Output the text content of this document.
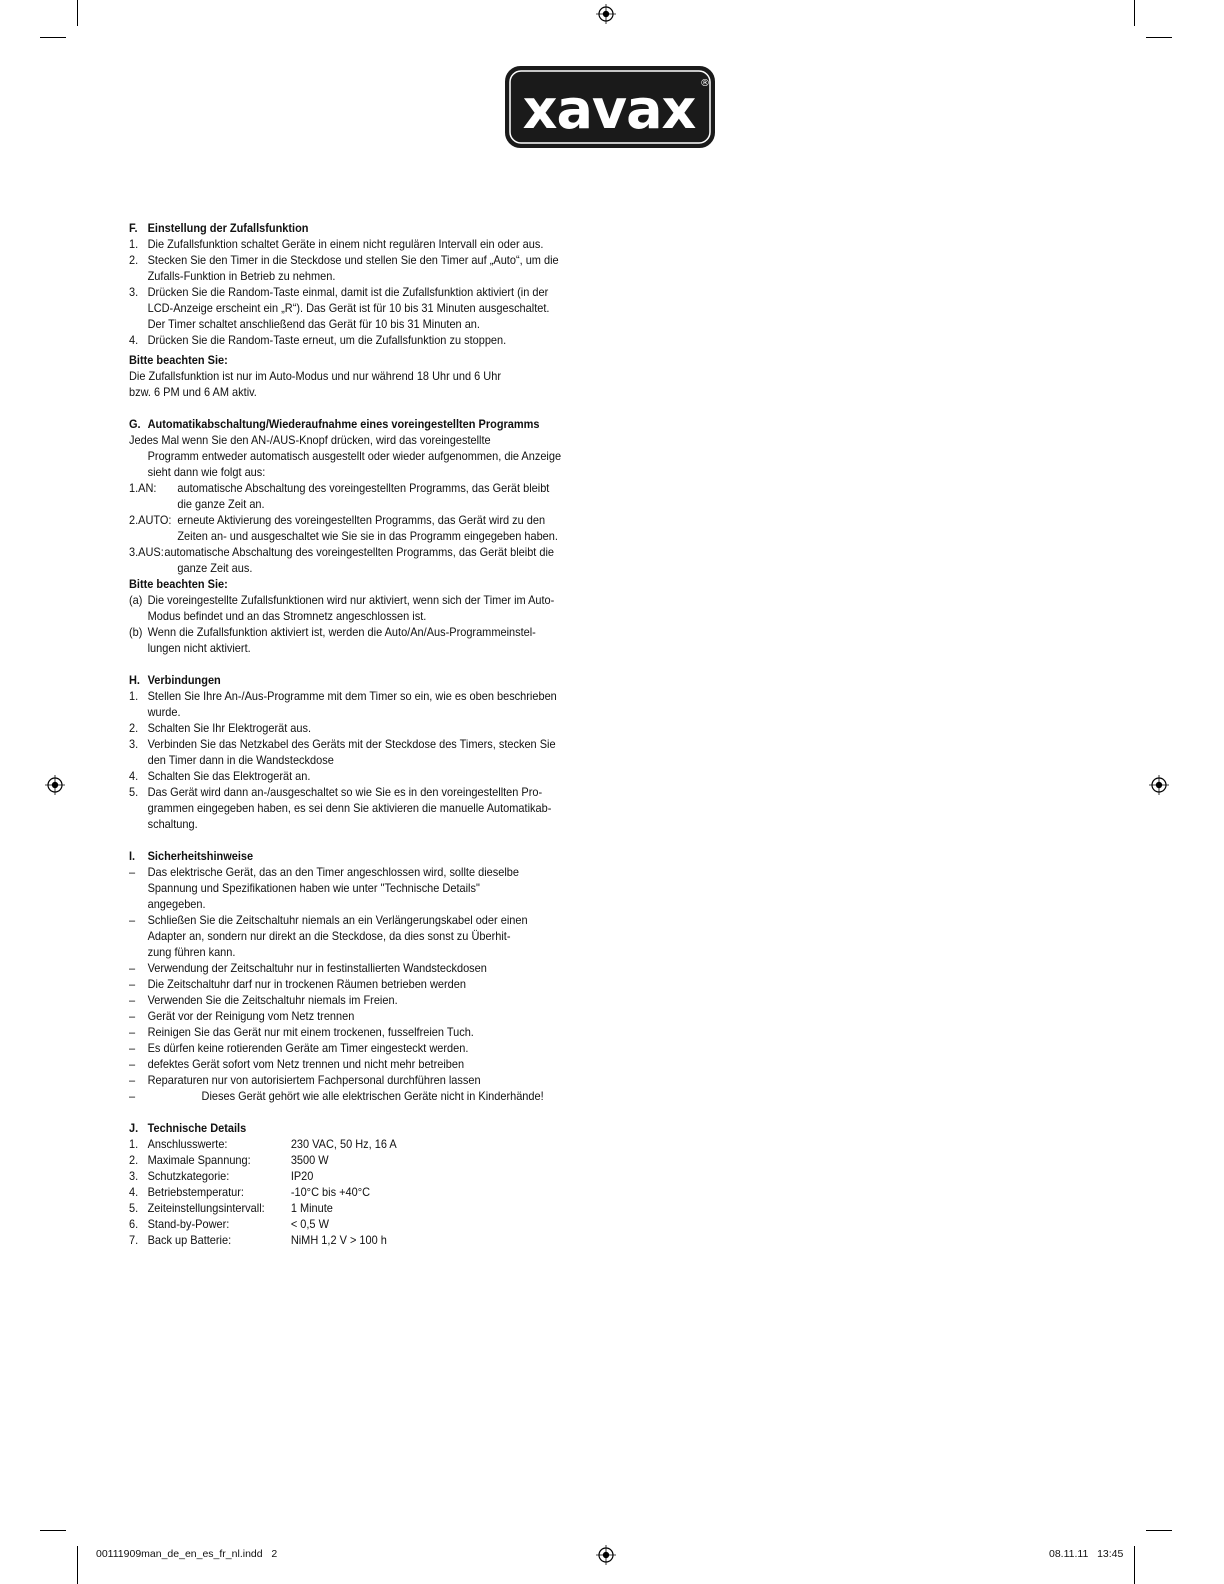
xavax ®
F. Einstellung der Zufallsfunktion
1. Die Zufallsfunktion schaltet Geräte in einem nicht regulären Intervall ein oder aus.
2. Stecken Sie den Timer in die Steckdose und stellen Sie den Timer auf „Auto“, um die
Zufalls-Funktion in Betrieb zu nehmen.
3. Drücken Sie die Random-Taste einmal, damit ist die Zufallsfunktion aktiviert (in der
LCD-Anzeige erscheint ein „R“). Das Gerät ist für 10 bis 31 Minuten ausgeschaltet.
Der Timer schaltet anschließend das Gerät für 10 bis 31 Minuten an.
4. Drücken Sie die Random-Taste erneut, um die Zufallsfunktion zu stoppen.
Bitte beachten Sie:
Die Zufallsfunktion ist nur im Auto-Modus und nur während 18 Uhr und 6 Uhr
bzw. 6 PM und 6 AM aktiv.
G. Automatikabschaltung/Wiederaufnahme eines voreingestellten Programms
Jedes Mal wenn Sie den AN-/AUS-Knopf drücken, wird das voreingestellte
Programm entweder automatisch ausgestellt oder wieder aufgenommen, die Anzeige
sieht dann wie folgt aus:
1.AN:	automatische Abschaltung des voreingestellten Programms, das Gerät bleibt
die ganze Zeit an.
2.AUTO: erneute Aktivierung des voreingestellten Programms, das Gerät wird zu den
Zeiten an- und ausgeschaltet wie Sie sie in das Programm eingegeben haben.
3.AUS: automatische Abschaltung des voreingestellten Programms, das Gerät bleibt die
ganze Zeit aus.
Bitte beachten Sie:
(a) Die voreingestellte Zufallsfunktionen wird nur aktiviert, wenn sich der Timer im Auto-
Modus befindet und an das Stromnetz angeschlossen ist.
(b) Wenn die Zufallsfunktion aktiviert ist, werden die Auto/An/Aus-Programmeinstel-
lungen nicht aktiviert.
H. Verbindungen
1. Stellen Sie Ihre An-/Aus-Programme mit dem Timer so ein, wie es oben beschrieben
wurde.
2. Schalten Sie Ihr Elektrogerät aus.
3. Verbinden Sie das Netzkabel des Geräts mit der Steckdose des Timers, stecken Sie
den Timer dann in die Wandsteckdose
4. Schalten Sie das Elektrogerät an.
5. Das Gerät wird dann an-/ausgeschaltet so wie Sie es in den voreingestellten Pro-
grammen eingegeben haben, es sei denn Sie aktivieren die manuelle Automatikab-
schaltung.
I. Sicherheitshinweise
–	Das elektrische Gerät, das an den Timer angeschlossen wird, sollte dieselbe
Spannung und Spezifikationen haben wie unter "Technische Details"
angegeben.
–	Schließen Sie die Zeitschaltuhr niemals an ein Verlängerungskabel oder einen
Adapter an, sondern nur direkt an die Steckdose, da dies sonst zu Überhit-
zung führen kann.
–	Verwendung der Zeitschaltuhr nur in festinstallierten Wandsteckdosen
–	Die Zeitschaltuhr darf nur in trockenen Räumen betrieben werden
–	Verwenden Sie die Zeitschaltuhr niemals im Freien.
–	Gerät vor der Reinigung vom Netz trennen
–	Reinigen Sie das Gerät nur mit einem trockenen, fusselfreien Tuch.
–	Es dürfen keine rotierenden Geräte am Timer eingesteckt werden.
–	defektes Gerät sofort vom Netz trennen und nicht mehr betreiben
–	Reparaturen nur von autorisiertem Fachpersonal durchführen lassen
–	Dieses Gerät gehört wie alle elektrischen Geräte nicht in Kinderhände!
J. Technische Details
1. Anschlusswerte:	230 VAC, 50 Hz, 16 A
2. Maximale Spannung:	3500 W
3. Schutzkategorie:	IP20
4. Betriebstemperatur:	-10°C bis +40°C
5. Zeiteinstellungsintervall: 1 Minute
6. Stand-by-Power:	< 0,5 W
7. Back up Batterie:	NiMH 1,2 V > 100 h
00111909man_de_en_es_fr_nl.indd   2	08.11.11   13:45
